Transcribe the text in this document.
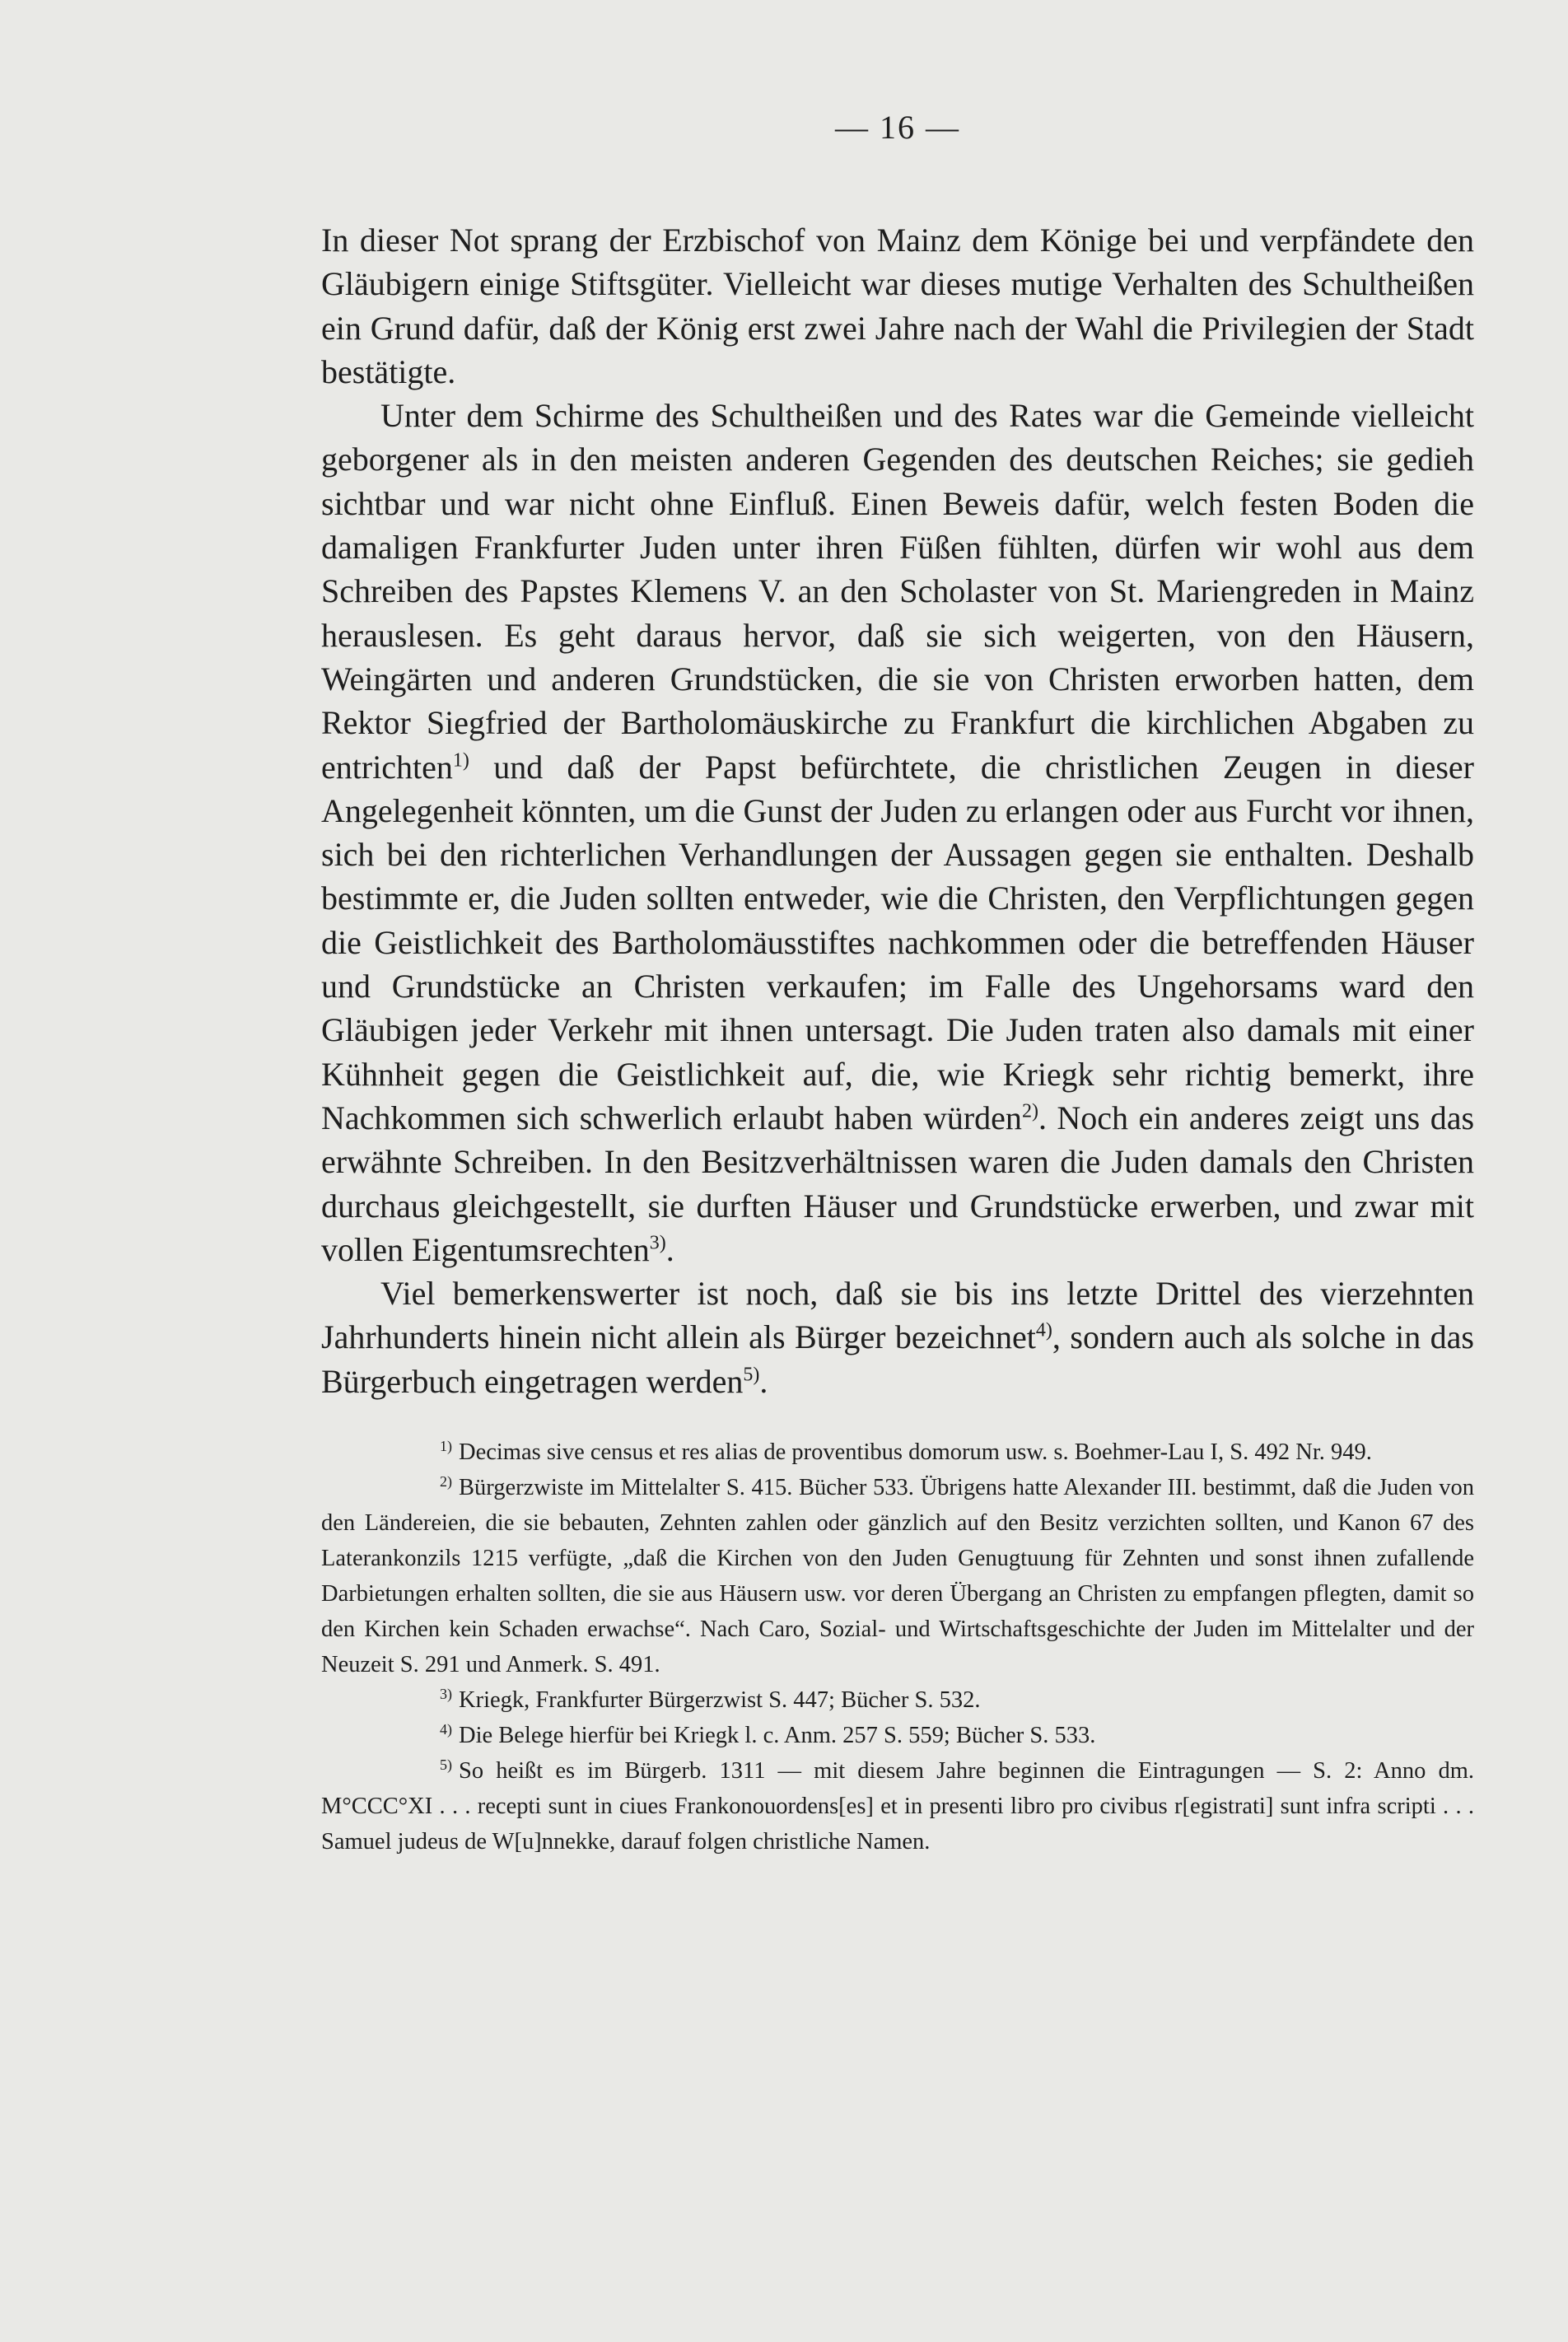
— 16 —

In dieser Not sprang der Erzbischof von Mainz dem Könige bei und verpfändete den Gläubigern einige Stiftsgüter. Vielleicht war dieses mutige Verhalten des Schultheißen ein Grund dafür, daß der König erst zwei Jahre nach der Wahl die Privilegien der Stadt bestätigte.

Unter dem Schirme des Schultheißen und des Rates war die Gemeinde vielleicht geborgener als in den meisten anderen Gegenden des deutschen Reiches; sie gedieh sichtbar und war nicht ohne Einfluß. Einen Beweis dafür, welch festen Boden die damaligen Frankfurter Juden unter ihren Füßen fühlten, dürfen wir wohl aus dem Schreiben des Papstes Klemens V. an den Scholaster von St. Mariengreden in Mainz herauslesen. Es geht daraus hervor, daß sie sich weigerten, von den Häusern, Weingärten und anderen Grundstücken, die sie von Christen erworben hatten, dem Rektor Siegfried der Bartholomäuskirche zu Frankfurt die kirchlichen Abgaben zu entrichten$^{1)}$ und daß der Papst befürchtete, die christlichen Zeugen in dieser Angelegenheit könnten, um die Gunst der Juden zu erlangen oder aus Furcht vor ihnen, sich bei den richterlichen Verhandlungen der Aussagen gegen sie enthalten. Deshalb bestimmte er, die Juden sollten entweder, wie die Christen, den Verpflichtungen gegen die Geistlichkeit des Bartholomäusstiftes nachkommen oder die betreffenden Häuser und Grundstücke an Christen verkaufen; im Falle des Ungehorsams ward den Gläubigen jeder Verkehr mit ihnen untersagt. Die Juden traten also damals mit einer Kühnheit gegen die Geistlichkeit auf, die, wie Kriegk sehr richtig bemerkt, ihre Nachkommen sich schwerlich erlaubt haben würden$^{2)}$. Noch ein anderes zeigt uns das erwähnte Schreiben. In den Besitzverhältnissen waren die Juden damals den Christen durchaus gleichgestellt, sie durften Häuser und Grundstücke erwerben, und zwar mit vollen Eigentumsrechten$^{3)}$.

Viel bemerkenswerter ist noch, daß sie bis ins letzte Drittel des vierzehnten Jahrhunderts hinein nicht allein als Bürger bezeichnet$^{4)}$, sondern auch als solche in das Bürgerbuch eingetragen werden$^{5)}$.

$^{1)}$ Decimas sive census et res alias de proventibus domorum usw. s. Boehmer-Lau I, S. 492 Nr. 949.

$^{2)}$ Bürgerzwiste im Mittelalter S. 415. Bücher 533. Übrigens hatte Alexander III. bestimmt, daß die Juden von den Ländereien, die sie bebauten, Zehnten zahlen oder gänzlich auf den Besitz verzichten sollten, und Kanon 67 des Laterankonzils 1215 verfügte, „daß die Kirchen von den Juden Genugtuung für Zehnten und sonst ihnen zufallende Darbietungen erhalten sollten, die sie aus Häusern usw. vor deren Übergang an Christen zu empfangen pflegten, damit so den Kirchen kein Schaden erwachse“. Nach Caro, Sozial- und Wirtschaftsgeschichte der Juden im Mittelalter und der Neuzeit S. 291 und Anmerk. S. 491.

$^{3)}$ Kriegk, Frankfurter Bürgerzwist S. 447; Bücher S. 532.

$^{4)}$ Die Belege hierfür bei Kriegk l. c. Anm. 257 S. 559; Bücher S. 533.

$^{5)}$ So heißt es im Bürgerb. 1311 — mit diesem Jahre beginnen die Eintragungen — S. 2: Anno dm. M°CCC°XI . . . recepti sunt in ciues Frankonouordens[es] et in presenti libro pro civibus r[egistrati] sunt infra scripti . . . Samuel judeus de W[u]nnekke, darauf folgen christliche Namen.
